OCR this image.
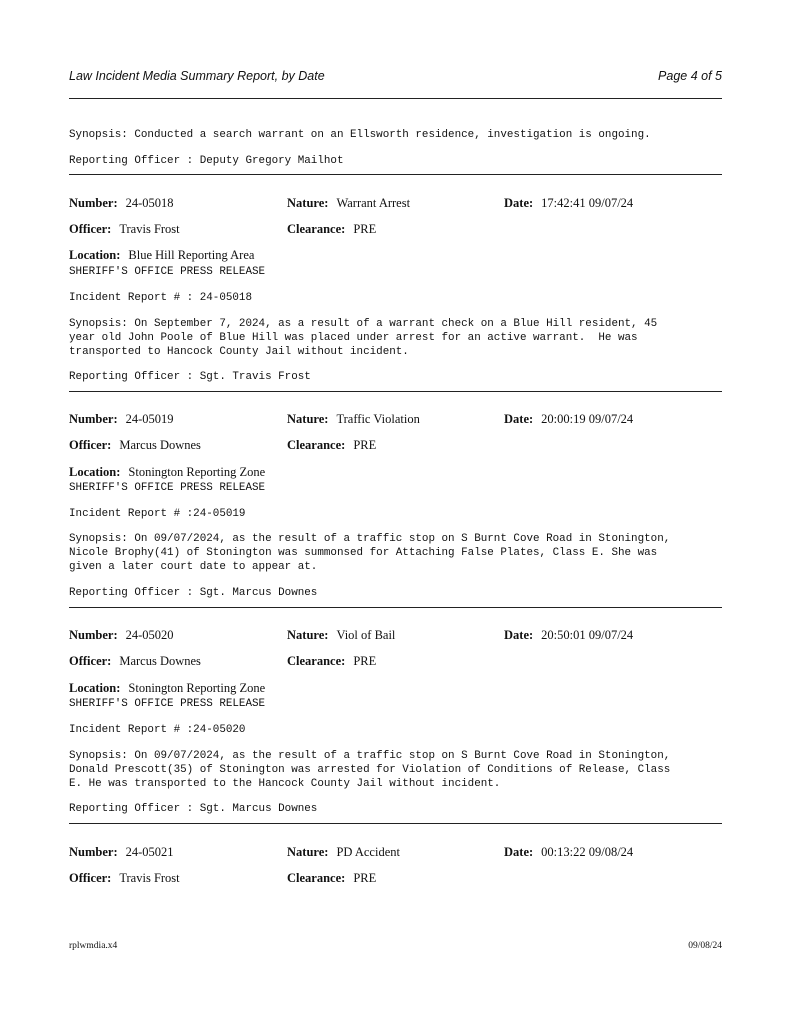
Law Incident Media Summary Report, by Date	Page 4 of 5
Synopsis: Conducted a search warrant on an Ellsworth residence, investigation is ongoing.
Reporting Officer : Deputy Gregory Mailhot
Number: 24-05018	Nature: Warrant Arrest	Date: 17:42:41 09/07/24
Officer: Travis Frost	Clearance: PRE
Location: Blue Hill Reporting Area
SHERIFF'S OFFICE PRESS RELEASE
Incident Report # : 24-05018
Synopsis: On September 7, 2024, as a result of a warrant check on a Blue Hill resident, 45
year old John Poole of Blue Hill was placed under arrest for an active warrant.  He was
transported to Hancock County Jail without incident.
Reporting Officer : Sgt. Travis Frost
Number: 24-05019	Nature: Traffic Violation	Date: 20:00:19 09/07/24
Officer: Marcus Downes	Clearance: PRE
Location: Stonington Reporting Zone
SHERIFF'S OFFICE PRESS RELEASE
Incident Report # :24-05019
Synopsis: On 09/07/2024, as the result of a traffic stop on S Burnt Cove Road in Stonington,
Nicole Brophy(41) of Stonington was summonsed for Attaching False Plates, Class E. She was
given a later court date to appear at.
Reporting Officer : Sgt. Marcus Downes
Number: 24-05020	Nature: Viol of Bail	Date: 20:50:01 09/07/24
Officer: Marcus Downes	Clearance: PRE
Location: Stonington Reporting Zone
SHERIFF'S OFFICE PRESS RELEASE
Incident Report # :24-05020
Synopsis: On 09/07/2024, as the result of a traffic stop on S Burnt Cove Road in Stonington,
Donald Prescott(35) of Stonington was arrested for Violation of Conditions of Release, Class
E. He was transported to the Hancock County Jail without incident.
Reporting Officer : Sgt. Marcus Downes
Number: 24-05021	Nature: PD Accident	Date: 00:13:22 09/08/24
Officer: Travis Frost	Clearance: PRE
rplwmdia.x4	09/08/24
